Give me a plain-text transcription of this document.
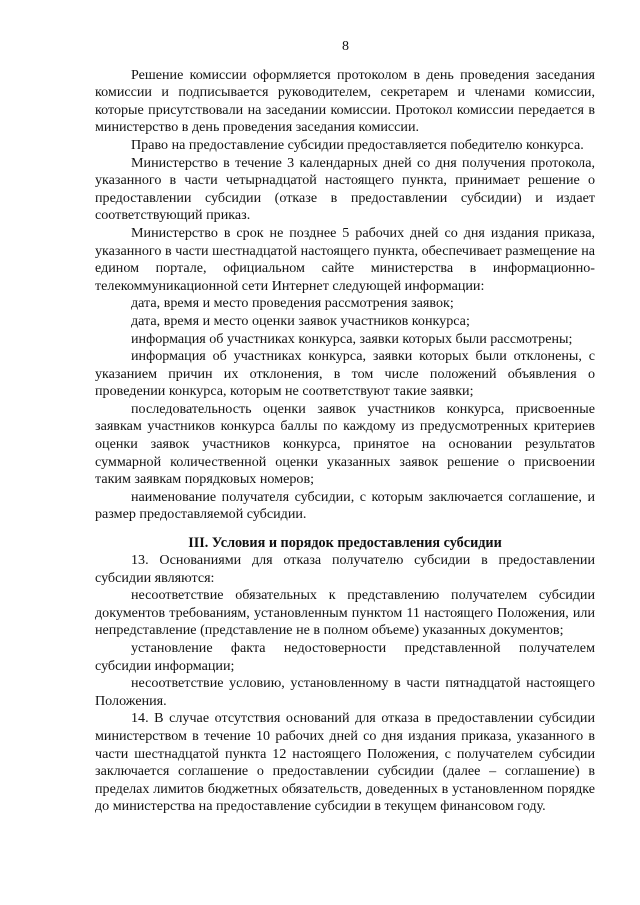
8

Решение комиссии оформляется протоколом в день проведения заседания комиссии и подписывается руководителем, секретарем и членами комиссии, которые присутствовали на заседании комиссии. Протокол комиссии передается в министерство в день проведения заседания комиссии.

Право на предоставление субсидии предоставляется победителю конкурса.

Министерство в течение 3 календарных дней со дня получения протокола, указанного в части четырнадцатой настоящего пункта, принимает решение о предоставлении субсидии (отказе в предоставлении субсидии) и издает соответствующий приказ.

Министерство в срок не позднее 5 рабочих дней со дня издания приказа, указанного в части шестнадцатой настоящего пункта, обеспечивает размещение на едином портале, официальном сайте министерства в информационно-телекоммуникационной сети Интернет следующей информации:

дата, время и место проведения рассмотрения заявок;

дата, время и место оценки заявок участников конкурса;

информация об участниках конкурса, заявки которых были рассмотрены;

информация об участниках конкурса, заявки которых были отклонены, с указанием причин их отклонения, в том числе положений объявления о проведении конкурса, которым не соответствуют такие заявки;

последовательность оценки заявок участников конкурса, присвоенные заявкам участников конкурса баллы по каждому из предусмотренных критериев оценки заявок участников конкурса, принятое на основании результатов суммарной количественной оценки указанных заявок решение о присвоении таким заявкам порядковых номеров;

наименование получателя субсидии, с которым заключается соглашение, и размер предоставляемой субсидии.

III. Условия и порядок предоставления субсидии

13. Основаниями для отказа получателю субсидии в предоставлении субсидии являются:

несоответствие обязательных к представлению получателем субсидии документов требованиям, установленным пунктом 11 настоящего Положения, или непредставление (представление не в полном объеме) указанных документов;

установление факта недостоверности представленной получателем субсидии информации;

несоответствие условию, установленному в части пятнадцатой настоящего Положения.

14. В случае отсутствия оснований для отказа в предоставлении субсидии министерством в течение 10 рабочих дней со дня издания приказа, указанного в части шестнадцатой пункта 12 настоящего Положения, с получателем субсидии заключается соглашение о предоставлении субсидии (далее – соглашение) в пределах лимитов бюджетных обязательств, доведенных в установленном порядке до министерства на предоставление субсидии в текущем финансовом году.
